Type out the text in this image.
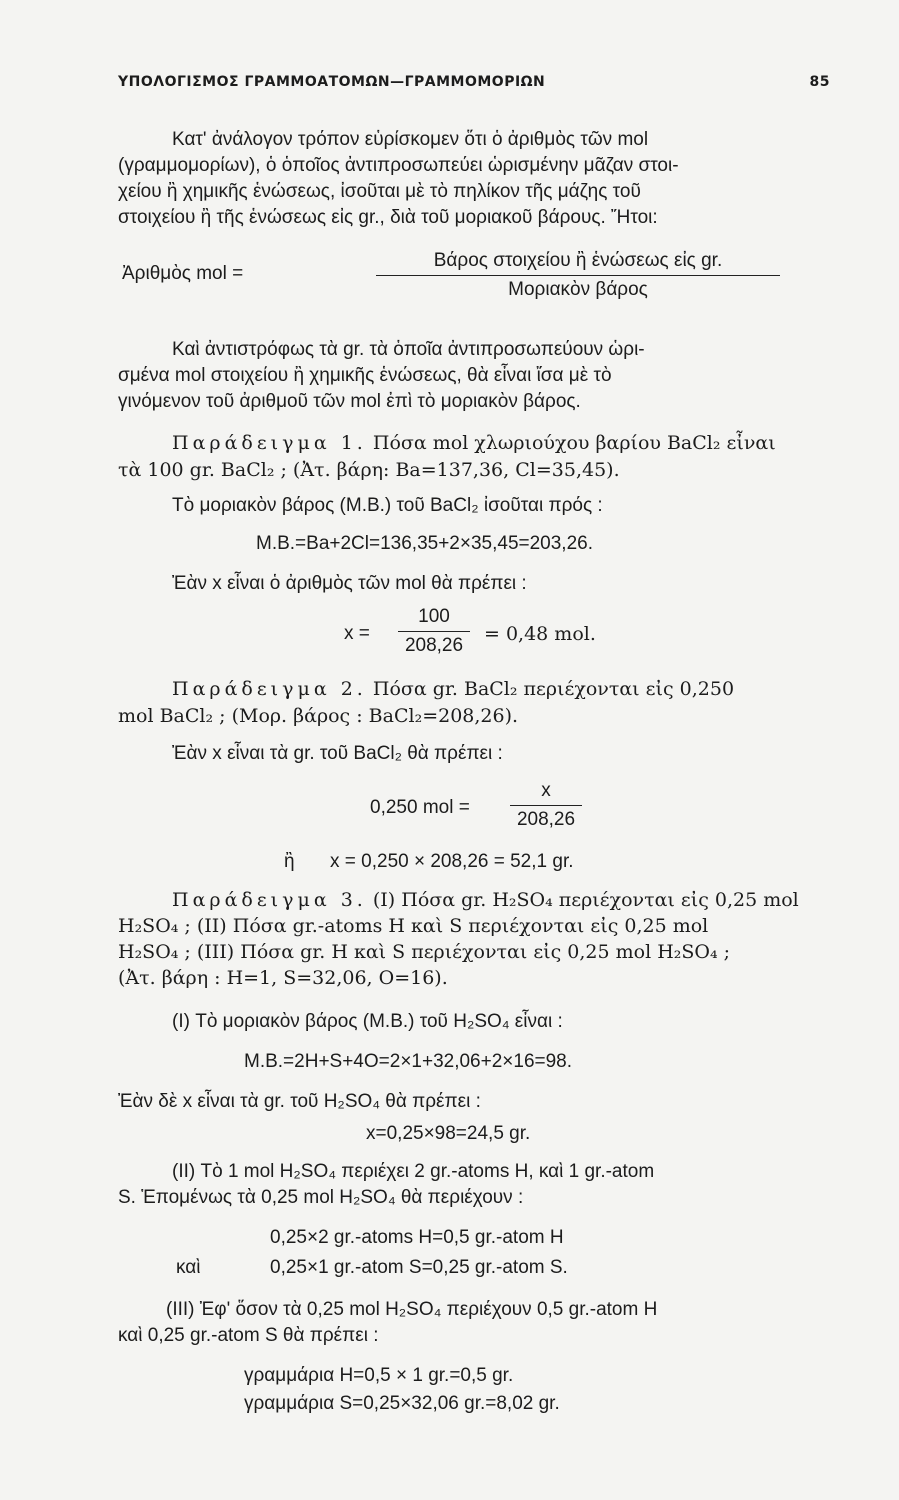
ΥΠΟΛΟΓΙΣΜΟΣ ΓΡΑΜΜΟΑΤΟΜΩΝ—ΓΡΑΜΜΟΜΟΡΙΩΝ	85
Κατ' ἀνάλογον τρόπον εὑρίσκομεν ὅτι ὁ ἀριθμὸς τῶν mol
(γραμμομορίων), ὁ ὁποῖος ἀντιπροσωπεύει ὡρισμένην μᾶζαν στοι-
χείου ἢ χημικῆς ἑνώσεως, ἰσοῦται μὲ τὸ πηλίκον τῆς μάζης τοῦ
στοιχείου ἢ τῆς ἑνώσεως εἰς gr., διὰ τοῦ μοριακοῦ βάρους. Ἤτοι:
Ἀριθμὸς mol =
Βάρος στοιχείου ἢ ἑνώσεως εἰς gr.
Μοριακὸν βάρος
Καὶ ἀντιστρόφως τὰ gr. τὰ ὁποῖα ἀντιπροσωπεύουν ὡρι-
σμένα mol στοιχείου ἢ χημικῆς ἑνώσεως, θὰ εἶναι ἴσα μὲ τὸ
γινόμενον τοῦ ἀριθμοῦ τῶν mol ἐπὶ τὸ μοριακὸν βάρος.
Παράδειγμα 1. Πόσα mol χλωριούχου βαρίου BaCl₂ εἶναι
τὰ 100 gr. BaCl₂ ; (Ἀτ. βάρη: Ba=137,36, Cl=35,45).
Τὸ μοριακὸν βάρος (Μ.Β.) τοῦ BaCl₂ ἰσοῦται πρός :
Μ.Β.=Ba+2Cl=136,35+2×35,45=203,26.
Ἐὰν x εἶναι ὁ ἀριθμὸς τῶν mol θὰ πρέπει :
$x = \frac{100}{208,26} = 0,48$ mol.
Παράδειγμα 2. Πόσα gr. BaCl₂ περιέχονται εἰς 0,250
mol BaCl₂ ; (Μορ. βάρος : BaCl₂=208,26).
Ἐὰν x εἶναι τὰ gr. τοῦ BaCl₂ θὰ πρέπει :
0,250 mol = $\frac{x}{208,26}$
ἢ x = 0,250 × 208,26 = 52,1 gr.
Παράδειγμα 3. (I) Πόσα gr. H₂SO₄ περιέχονται εἰς 0,25 mol
H₂SO₄ ; (II) Πόσα gr.-atoms H καὶ S περιέχονται εἰς 0,25 mol
H₂SO₄ ; (III) Πόσα gr. H καὶ S περιέχονται εἰς 0,25 mol H₂SO₄ ;
(Ἀτ. βάρη : H=1, S=32,06, O=16).
(I) Τὸ μοριακὸν βάρος (Μ.Β.) τοῦ H₂SO₄ εἶναι :
Μ.Β.=2H+S+4O=2×1+32,06+2×16=98.
Ἐὰν δὲ x εἶναι τὰ gr. τοῦ H₂SO₄ θὰ πρέπει :
x=0,25×98=24,5 gr.
(II) Τὸ 1 mol H₂SO₄ περιέχει 2 gr.-atoms H, καὶ 1 gr.-atom
S. Ἑπομένως τὰ 0,25 mol H₂SO₄ θὰ περιέχουν :
0,25×2 gr.-atoms H=0,5 gr.-atom H
καὶ	0,25×1 gr.-atom S=0,25 gr.-atom S.
(III) Ἐφ' ὅσον τὰ 0,25 mol H₂SO₄ περιέχουν 0,5 gr.-atom H
καὶ 0,25 gr.-atom S θὰ πρέπει :
γραμμάρια H=0,5 × 1 gr.=0,5 gr.
γραμμάρια S=0,25×32,06 gr.=8,02 gr.
